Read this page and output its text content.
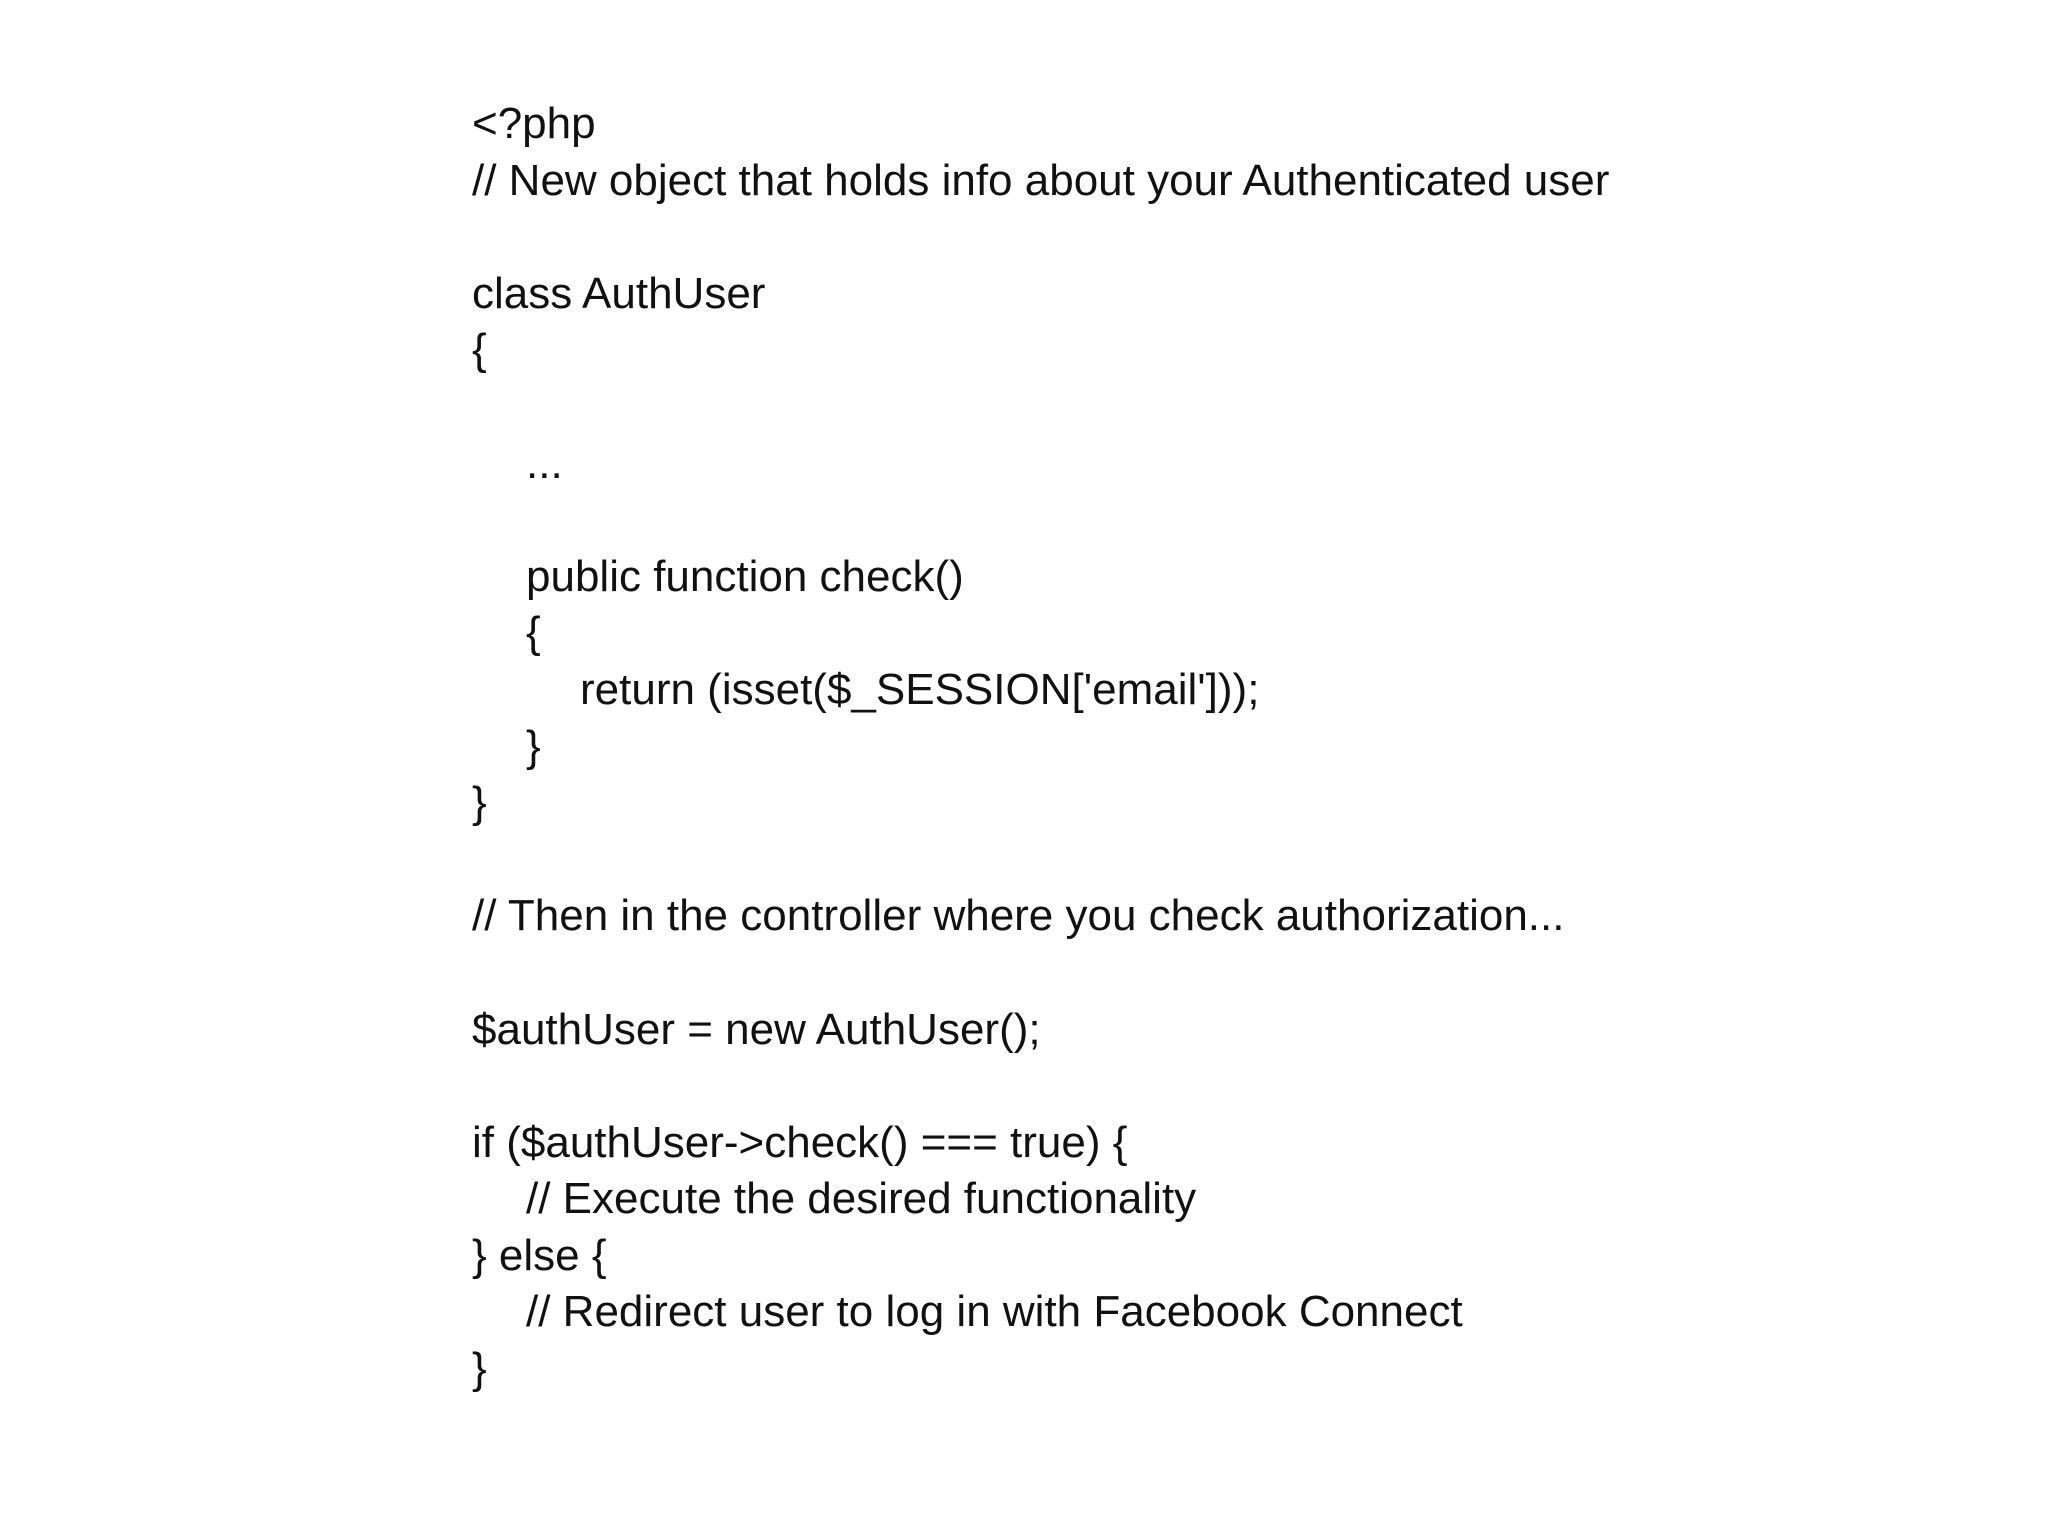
<?php
// New object that holds info about your Authenticated user
class AuthUser
{
...
public function check()
{
return (isset($_SESSION['email']));
}
}
// Then in the controller where you check authorization...
$authUser = new AuthUser();
if ($authUser->check() === true) {
// Execute the desired functionality
} else {
// Redirect user to log in with Facebook Connect
}
